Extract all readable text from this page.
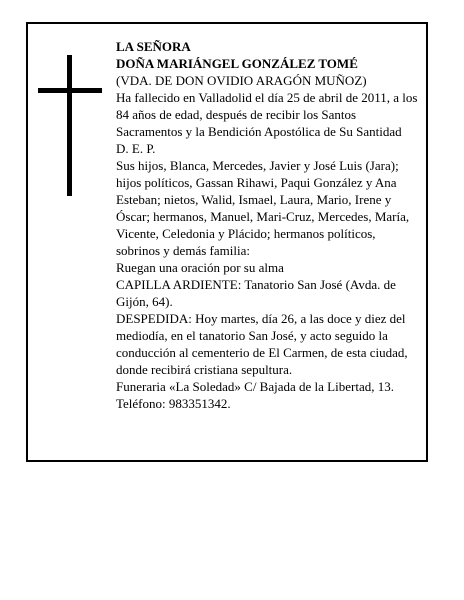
LA SEÑORA

DOÑA MARIÁNGEL GONZÁLEZ TOMÉ

(VDA. DE DON OVIDIO ARAGÓN MUÑOZ)

Ha fallecido en Valladolid el día 25 de abril de 2011, a los 84 años de edad, después de recibir los Santos Sacramentos y la Bendición Apostólica de Su Santidad

D. E. P.

Sus hijos, Blanca, Mercedes, Javier y José Luis (Jara); hijos políticos, Gassan Rihawi, Paqui González y Ana Esteban; nietos, Walid, Ismael, Laura, Mario, Irene y Óscar; hermanos, Manuel, Mari-Cruz, Mercedes, María, Vicente, Celedonia y Plácido; hermanos políticos, sobrinos y demás familia:

Ruegan una oración por su alma

CAPILLA ARDIENTE: Tanatorio San José (Avda. de Gijón, 64).

DESPEDIDA: Hoy martes, día 26, a las doce y diez del mediodía, en el tanatorio San José, y acto seguido la conducción al cementerio de El Carmen, de esta ciudad, donde recibirá cristiana sepultura.

Funeraria «La Soledad» C/ Bajada de la Libertad, 13. Teléfono: 983351342.
